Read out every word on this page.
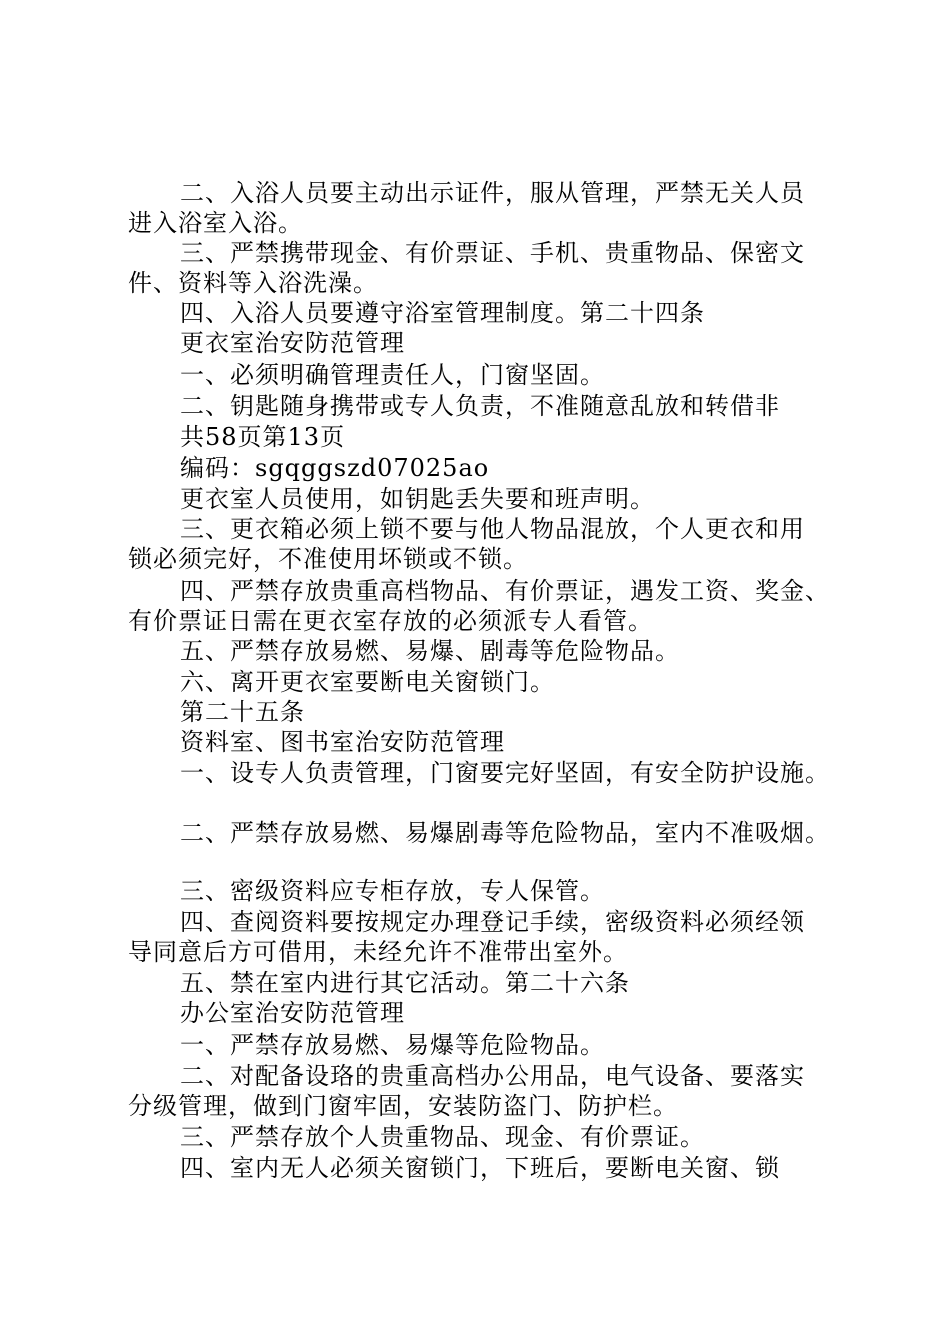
二、入浴人员要主动出示证件，服从管理，严禁无关人员
进入浴室入浴。
三、严禁携带现金、有价票证、手机、贵重物品、保密文
件、资料等入浴洗澡。
四、入浴人员要遵守浴室管理制度。第二十四条
更衣室治安防范管理
一、必须明确管理责任人，门窗坚固。
二、钥匙随身携带或专人负责，不准随意乱放和转借非
共58页第13页
编码：sgqggszd07025ao
更衣室人员使用，如钥匙丢失要和班声明。
三、更衣箱必须上锁不要与他人物品混放，个人更衣和用
锁必须完好，不准使用坏锁或不锁。
四、严禁存放贵重高档物品、有价票证，遇发工资、奖金、
有价票证日需在更衣室存放的必须派专人看管。
五、严禁存放易燃、易爆、剧毒等危险物品。
六、离开更衣室要断电关窗锁门。
第二十五条
资料室、图书室治安防范管理
一、设专人负责管理，门窗要完好坚固，有安全防护设施。
二、严禁存放易燃、易爆剧毒等危险物品，室内不准吸烟。
三、密级资料应专柜存放，专人保管。
四、查阅资料要按规定办理登记手续，密级资料必须经领
导同意后方可借用，未经允许不准带出室外。
五、禁在室内进行其它活动。第二十六条
办公室治安防范管理
一、严禁存放易燃、易爆等危险物品。
二、对配备设珞的贵重高档办公用品，电气设备、要落实
分级管理，做到门窗牢固，安装防盗门、防护栏。
三、严禁存放个人贵重物品、现金、有价票证。
四、室内无人必须关窗锁门，下班后，要断电关窗、锁
